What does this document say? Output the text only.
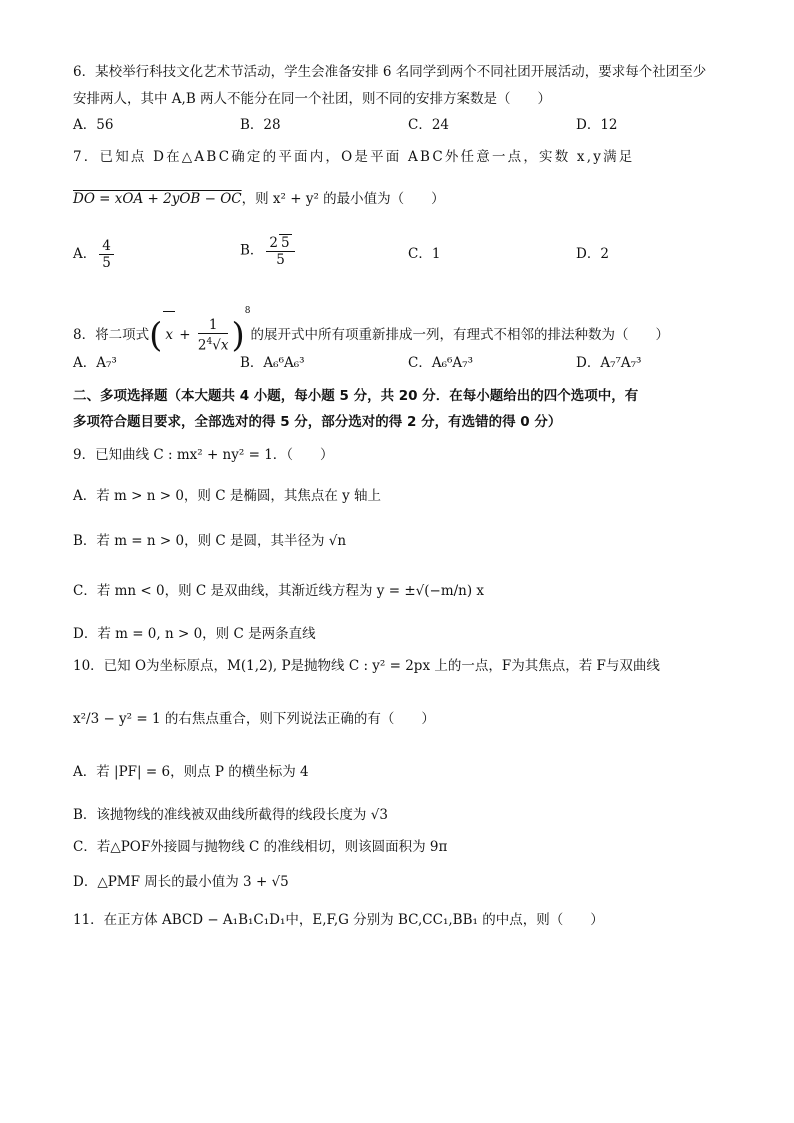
6．某校举行科技文化艺术节活动，学生会准备安排 6 名同学到两个不同社团开展活动，要求每个社团至少
安排两人，其中 A,B 两人不能分在同一个社团，则不同的安排方案数是（　　）
A．56	B．28	C．24	D．12
7．已知点 D在△ABC确定的平面内，O是平面 ABC外任意一点，实数 x,y满足
DO = xOA + 2yOB − OC，则 x² + y² 的最小值为（　　）
A． $\frac{4}{5}$	B． $\frac{2 5}{5}$	C．1	D．2
8．将二项式( $x + \frac{1}{2^4√x} )^8$的展开式中所有项重新排成一列，有理式不相邻的排法种数为（　　）
A．A₇³	B．A₆⁶A₆³	C．A₆⁶A₇³	D．A₇⁷A₇³
二、多项选择题（本大题共 4 小题，每小题 5 分，共 20 分．在每小题给出的四个选项中，有
多项符合题目要求，全部选对的得 5 分，部分选对的得 2 分，有选错的得 0 分）
9．已知曲线 C : mx² + ny² = 1．（　　）
A．若 m > n > 0，则 C 是椭圆，其焦点在 y 轴上
B．若 m = n > 0，则 C 是圆，其半径为 √n
C．若 mn < 0，则 C 是双曲线，其渐近线方程为 y = ±√(−m/n) x
D．若 m = 0, n > 0，则 C 是两条直线
10．已知 O为坐标原点，M(1,2), P是抛物线 C : y² = 2px 上的一点，F为其焦点，若 F与双曲线
x²/3 − y² = 1 的右焦点重合，则下列说法正确的有（　　）
A．若 |PF| = 6，则点 P 的横坐标为 4
B．该抛物线的准线被双曲线所截得的线段长度为 √3
C．若△POF外接圆与抛物线 C 的准线相切，则该圆面积为 9π
D．△PMF 周长的最小值为 3 + √5
11．在正方体 ABCD − A₁B₁C₁D₁中，E,F,G 分别为 BC,CC₁,BB₁ 的中点，则（　　）
